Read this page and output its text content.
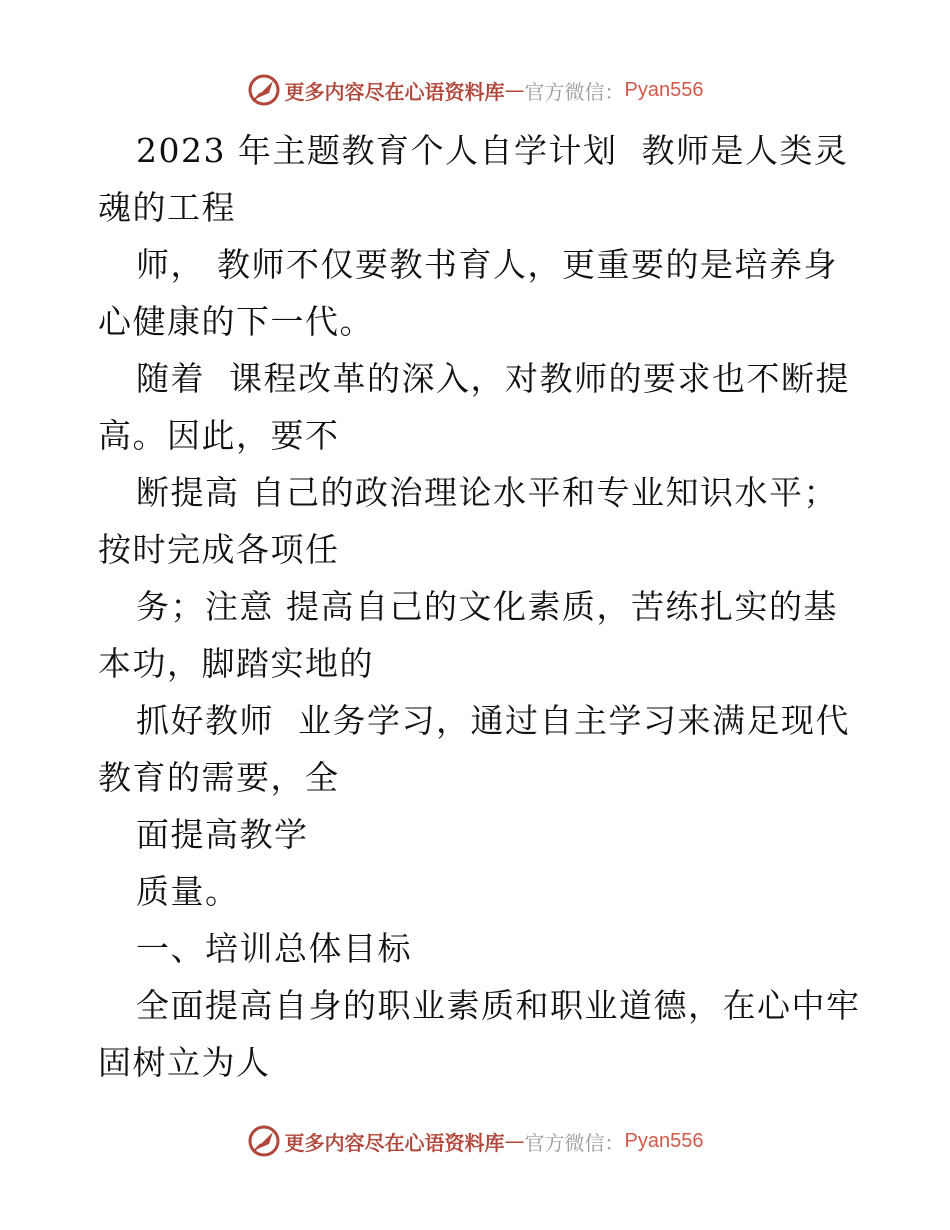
更多内容尽在心语资料库 — 官方微信： Pyan556
2023 年主题教育个人自学计划  教师是人类灵
魂的工程
师， 教师不仅要教书育人，更重要的是培养身
心健康的下一代。
随着  课程改革的深入，对教师的要求也不断提
高。因此，要不
断提高 自己的政治理论水平和专业知识水平；
按时完成各项任
务；注意 提高自己的文化素质，苦练扎实的基
本功，脚踏实地的
抓好教师  业务学习，通过自主学习来满足现代
教育的需要，全
面提高教学
质量。
一、培训总体目标
全面提高自身的职业素质和职业道德，在心中牢
固树立为人
更多内容尽在心语资料库 — 官方微信： Pyan556
